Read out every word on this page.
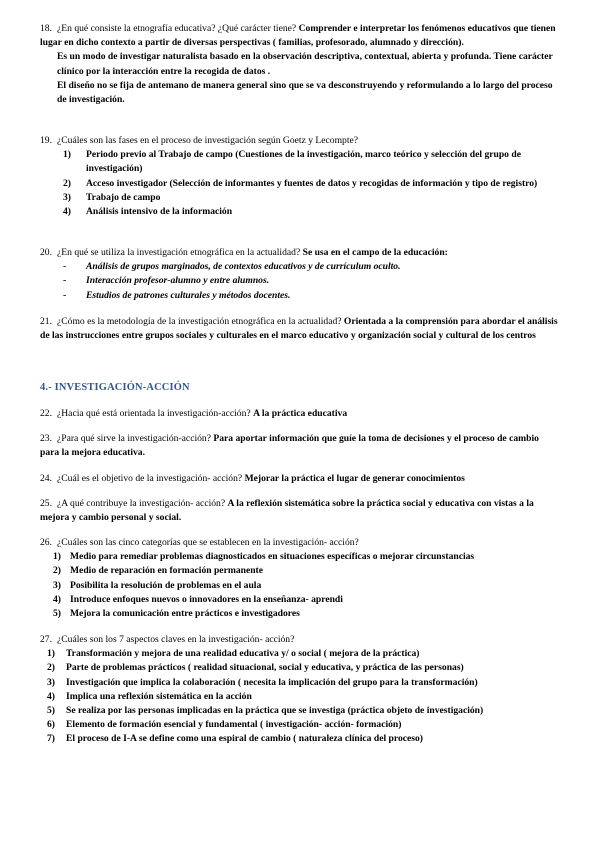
18. ¿En qué consiste la etnografía educativa? ¿Qué carácter tiene? Comprender e interpretar los fenómenos educativos que tienen lugar en dicho contexto a partir de diversas perspectivas ( familias, profesorado, alumnado y dirección).
Es un modo de investigar naturalista basado en la observación descriptiva, contextual, abierta y profunda. Tiene carácter clínico por la interacción entre la recogida de datos .
El diseño no se fija de antemano de manera general sino que se va desconstruyendo y reformulando a lo largo del proceso de investigación.
19. ¿Cuáles son las fases en el proceso de investigación según Goetz y Lecompte?
1) Periodo previo al Trabajo de campo (Cuestiones de la investigación, marco teórico y selección del grupo de investigación)
2) Acceso investigador (Selección de informantes y fuentes de datos y recogidas de información y tipo de registro)
3) Trabajo de campo
4) Análisis intensivo de la información
20. ¿En qué se utiliza la investigación etnográfica en la actualidad? Se usa en el campo de la educación:
- Análisis de grupos marginados, de contextos educativos y de currículum oculto.
- Interacción profesor-alumno y entre alumnos.
- Estudios de patrones culturales y métodos docentes.
21. ¿Cómo es la metodología de la investigación etnográfica en la actualidad? Orientada a la comprensión para abordar el análisis de las instrucciones entre grupos sociales y culturales en el marco educativo y organización social y cultural de los centros
4.- INVESTIGACIÓN-ACCIÓN
22. ¿Hacia qué está orientada la investigación-acción? A la práctica educativa
23. ¿Para qué sirve la investigación-acción? Para aportar información que guíe la toma de decisiones y el proceso de cambio para la mejora educativa.
24. ¿Cuál es el objetivo de la investigación- acción? Mejorar la práctica el lugar de generar conocimientos
25. ¿A qué contribuye la investigación- acción? A la reflexión sistemática sobre la práctica social y educativa con vistas a la mejora y cambio personal y social.
26. ¿Cuáles son las cinco categorías que se establecen en la investigación- acción?
1) Medio para remediar problemas diagnosticados en situaciones específicas o mejorar circunstancias
2) Medio de reparación en formación permanente
3) Posibilita la resolución de problemas en el aula
4) Introduce enfoques nuevos o innovadores en la enseñanza- aprendi
5) Mejora la comunicación entre prácticos e investigadores
27. ¿Cuáles son los 7 aspectos claves en la investigación- acción?
1) Transformación y mejora de una realidad educativa y/ o social ( mejora de la práctica)
2) Parte de problemas prácticos ( realidad situacional, social y educativa, y práctica de las personas)
3) Investigación que implica la colaboración ( necesita la implicación del grupo para la transformación)
4) Implica una reflexión sistemática en la acción
5) Se realiza por las personas implicadas en la práctica que se investiga (práctica objeto de investigación)
6) Elemento de formación esencial y fundamental ( investigación- acción- formación)
7) El proceso de I-A se define como una espiral de cambio ( naturaleza clínica del proceso)
